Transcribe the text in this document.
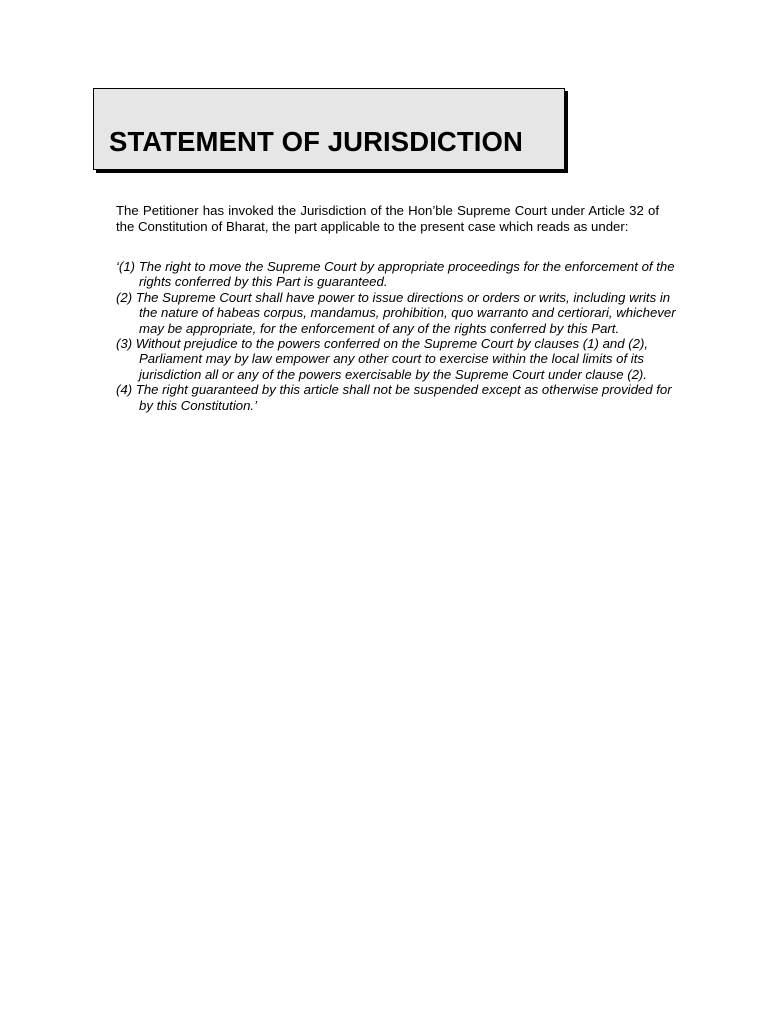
STATEMENT OF JURISDICTION
The Petitioner has invoked the Jurisdiction of the Hon’ble Supreme Court under Article 32 of the Constitution of Bharat, the part applicable to the present case which reads as under:
‘(1) The right to move the Supreme Court by appropriate proceedings for the enforcement of the rights conferred by this Part is guaranteed.
(2) The Supreme Court shall have power to issue directions or orders or writs, including writs in the nature of habeas corpus, mandamus, prohibition, quo warranto and certiorari, whichever may be appropriate, for the enforcement of any of the rights conferred by this Part.
(3) Without prejudice to the powers conferred on the Supreme Court by clauses (1) and (2), Parliament may by law empower any other court to exercise within the local limits of its jurisdiction all or any of the powers exercisable by the Supreme Court under clause (2).
(4) The right guaranteed by this article shall not be suspended except as otherwise provided for by this Constitution.’
